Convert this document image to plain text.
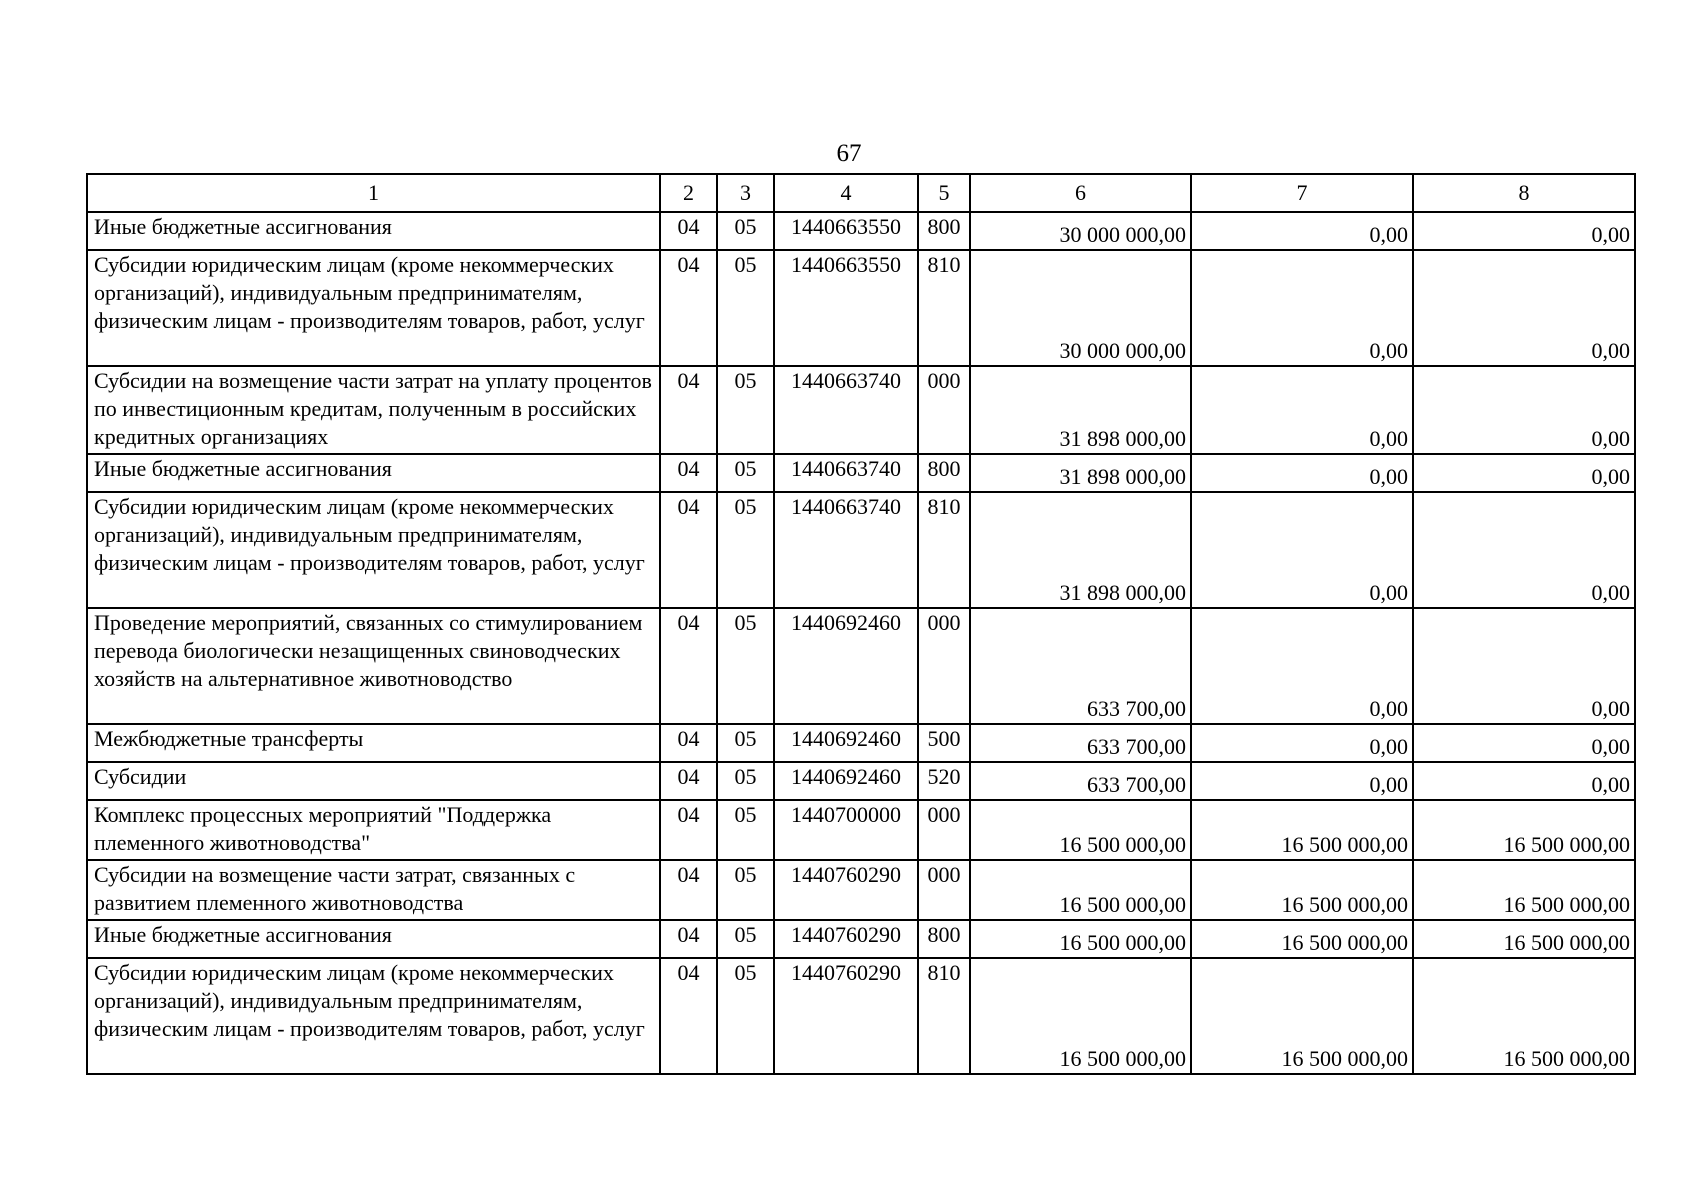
67
1	2	3	4	5	6	7	8
Иные бюджетные ассигнования	04	05	1440663550	800	30 000 000,00	0,00	0,00
Субсидии юридическим лицам (кроме некоммерческих организаций), индивидуальным предпринимателям, физическим лицам - производителям товаров, работ, услуг	04	05	1440663550	810	30 000 000,00	0,00	0,00
Субсидии на возмещение части затрат на уплату процентов по инвестиционным кредитам, полученным в российских кредитных организациях	04	05	1440663740	000	31 898 000,00	0,00	0,00
Иные бюджетные ассигнования	04	05	1440663740	800	31 898 000,00	0,00	0,00
Субсидии юридическим лицам (кроме некоммерческих организаций), индивидуальным предпринимателям, физическим лицам - производителям товаров, работ, услуг	04	05	1440663740	810	31 898 000,00	0,00	0,00
Проведение мероприятий, связанных со стимулированием перевода биологически незащищенных свиноводческих хозяйств на альтернативное животноводство	04	05	1440692460	000	633 700,00	0,00	0,00
Межбюджетные трансферты	04	05	1440692460	500	633 700,00	0,00	0,00
Субсидии	04	05	1440692460	520	633 700,00	0,00	0,00
Комплекс процессных мероприятий "Поддержка племенного животноводства"	04	05	1440700000	000	16 500 000,00	16 500 000,00	16 500 000,00
Субсидии на возмещение части затрат, связанных с развитием племенного животноводства	04	05	1440760290	000	16 500 000,00	16 500 000,00	16 500 000,00
Иные бюджетные ассигнования	04	05	1440760290	800	16 500 000,00	16 500 000,00	16 500 000,00
Субсидии юридическим лицам (кроме некоммерческих организаций), индивидуальным предпринимателям, физическим лицам - производителям товаров, работ, услуг	04	05	1440760290	810	16 500 000,00	16 500 000,00	16 500 000,00
